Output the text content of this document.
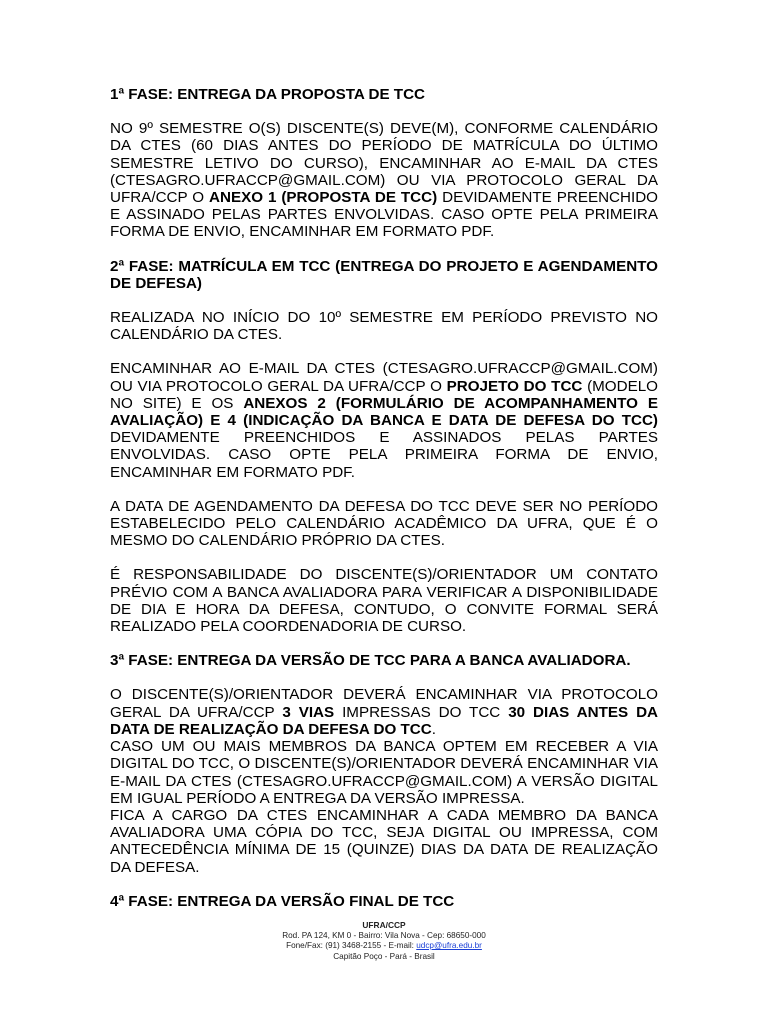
1ª FASE: ENTREGA DA PROPOSTA DE TCC

NO 9º SEMESTRE O(S) DISCENTE(S) DEVE(M), CONFORME CALENDÁRIO DA CTES (60 DIAS ANTES DO PERÍODO DE MATRÍCULA DO ÚLTIMO SEMESTRE LETIVO DO CURSO), ENCAMINHAR AO E-MAIL DA CTES (CTESAGRO.UFRACCP@GMAIL.COM) OU VIA PROTOCOLO GERAL DA UFRA/CCP O ANEXO 1 (PROPOSTA DE TCC) DEVIDAMENTE PREENCHIDO E ASSINADO PELAS PARTES ENVOLVIDAS. CASO OPTE PELA PRIMEIRA FORMA DE ENVIO, ENCAMINHAR EM FORMATO PDF.

2ª FASE: MATRÍCULA EM TCC (ENTREGA DO PROJETO E AGENDAMENTO DE DEFESA)

REALIZADA NO INÍCIO DO 10º SEMESTRE EM PERÍODO PREVISTO NO CALENDÁRIO DA CTES.

ENCAMINHAR AO E-MAIL DA CTES (CTESAGRO.UFRACCP@GMAIL.COM) OU VIA PROTOCOLO GERAL DA UFRA/CCP O PROJETO DO TCC (MODELO NO SITE) E OS ANEXOS 2 (FORMULÁRIO DE ACOMPANHAMENTO E AVALIAÇÃO) E 4 (INDICAÇÃO DA BANCA E DATA DE DEFESA DO TCC) DEVIDAMENTE PREENCHIDOS E ASSINADOS PELAS PARTES ENVOLVIDAS. CASO OPTE PELA PRIMEIRA FORMA DE ENVIO, ENCAMINHAR EM FORMATO PDF.

A DATA DE AGENDAMENTO DA DEFESA DO TCC DEVE SER NO PERÍODO ESTABELECIDO PELO CALENDÁRIO ACADÊMICO DA UFRA, QUE É O MESMO DO CALENDÁRIO PRÓPRIO DA CTES.

É RESPONSABILIDADE DO DISCENTE(S)/ORIENTADOR UM CONTATO PRÉVIO COM A BANCA AVALIADORA PARA VERIFICAR A DISPONIBILIDADE DE DIA E HORA DA DEFESA, CONTUDO, O CONVITE FORMAL SERÁ REALIZADO PELA COORDENADORIA DE CURSO.

3ª FASE: ENTREGA DA VERSÃO DE TCC PARA A BANCA AVALIADORA.

O DISCENTE(S)/ORIENTADOR DEVERÁ ENCAMINHAR VIA PROTOCOLO GERAL DA UFRA/CCP 3 VIAS IMPRESSAS DO TCC 30 DIAS ANTES DA DATA DE REALIZAÇÃO DA DEFESA DO TCC.

CASO UM OU MAIS MEMBROS DA BANCA OPTEM EM RECEBER A VIA DIGITAL DO TCC, O DISCENTE(S)/ORIENTADOR DEVERÁ ENCAMINHAR VIA E-MAIL DA CTES (CTESAGRO.UFRACCP@GMAIL.COM) A VERSÃO DIGITAL EM IGUAL PERÍODO A ENTREGA DA VERSÃO IMPRESSA.

FICA A CARGO DA CTES ENCAMINHAR A CADA MEMBRO DA BANCA AVALIADORA UMA CÓPIA DO TCC, SEJA DIGITAL OU IMPRESSA, COM ANTECEDÊNCIA MÍNIMA DE 15 (QUINZE) DIAS DA DATA DE REALIZAÇÃO DA DEFESA.

4ª FASE: ENTREGA DA VERSÃO FINAL DE TCC
UFRA/CCP
Rod. PA 124, KM 0 - Bairro: Vila Nova - Cep: 68650-000
Fone/Fax: (91) 3468-2155 - E-mail: udcp@ufra.edu.br
Capitão Poço - Pará - Brasil
